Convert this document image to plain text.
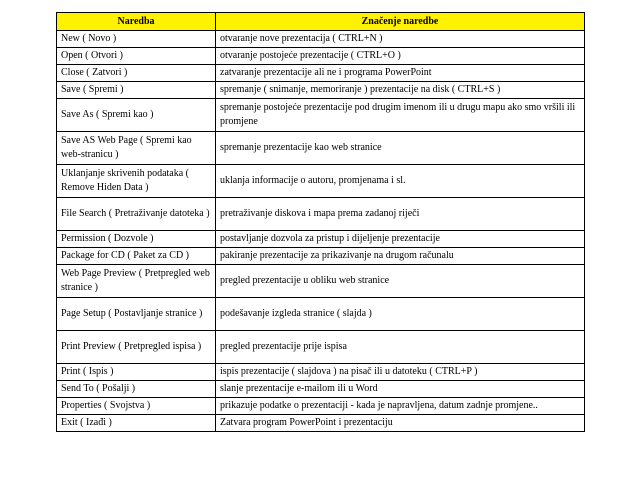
Naredba	Značenje naredbe
New ( Novo )	otvaranje nove prezentacija ( CTRL+N )
Open ( Otvori )	otvaranje postojeće prezentacije ( CTRL+O )
Close ( Zatvori )	zatvaranje prezentacije ali ne i programa PowerPoint
Save ( Spremi )	spremanje ( snimanje, memoriranje ) prezentacije na disk ( CTRL+S )
Save As ( Spremi kao )	spremanje postojeće prezentacije pod drugim imenom ili u drugu mapu ako smo vršili ili promjene
Save AS Web Page ( Spremi kao web-stranicu )	spremanje prezentacije kao web stranice
Uklanjanje skrivenih podataka ( Remove Hiden Data )	uklanja informacije o autoru, promjenama i sl.
File Search ( Pretraživanje datoteka )	pretraživanje diskova i mapa prema zadanoj riječi
Permission ( Dozvole )	postavljanje dozvola za pristup i dijeljenje prezentacije
Package for CD ( Paket za CD )	pakiranje prezentacije za prikazivanje na drugom računalu
Web Page Preview ( Pretpregled web stranice )	pregled prezentacije u obliku web stranice
Page Setup ( Postavljanje stranice )	podešavanje izgleda stranice ( slajda )
Print Preview ( Pretpregled ispisa )	pregled prezentacije prije ispisa
Print ( Ispis )	ispis prezentacije ( slajdova ) na pisač ili u datoteku ( CTRL+P )
Send To ( Pošalji )	slanje prezentacije e-mailom ili u Word
Properties ( Svojstva )	prikazuje podatke o prezentaciji - kada je napravljena, datum zadnje promjene..
Exit ( Izađi )	Zatvara program PowerPoint i prezentaciju
